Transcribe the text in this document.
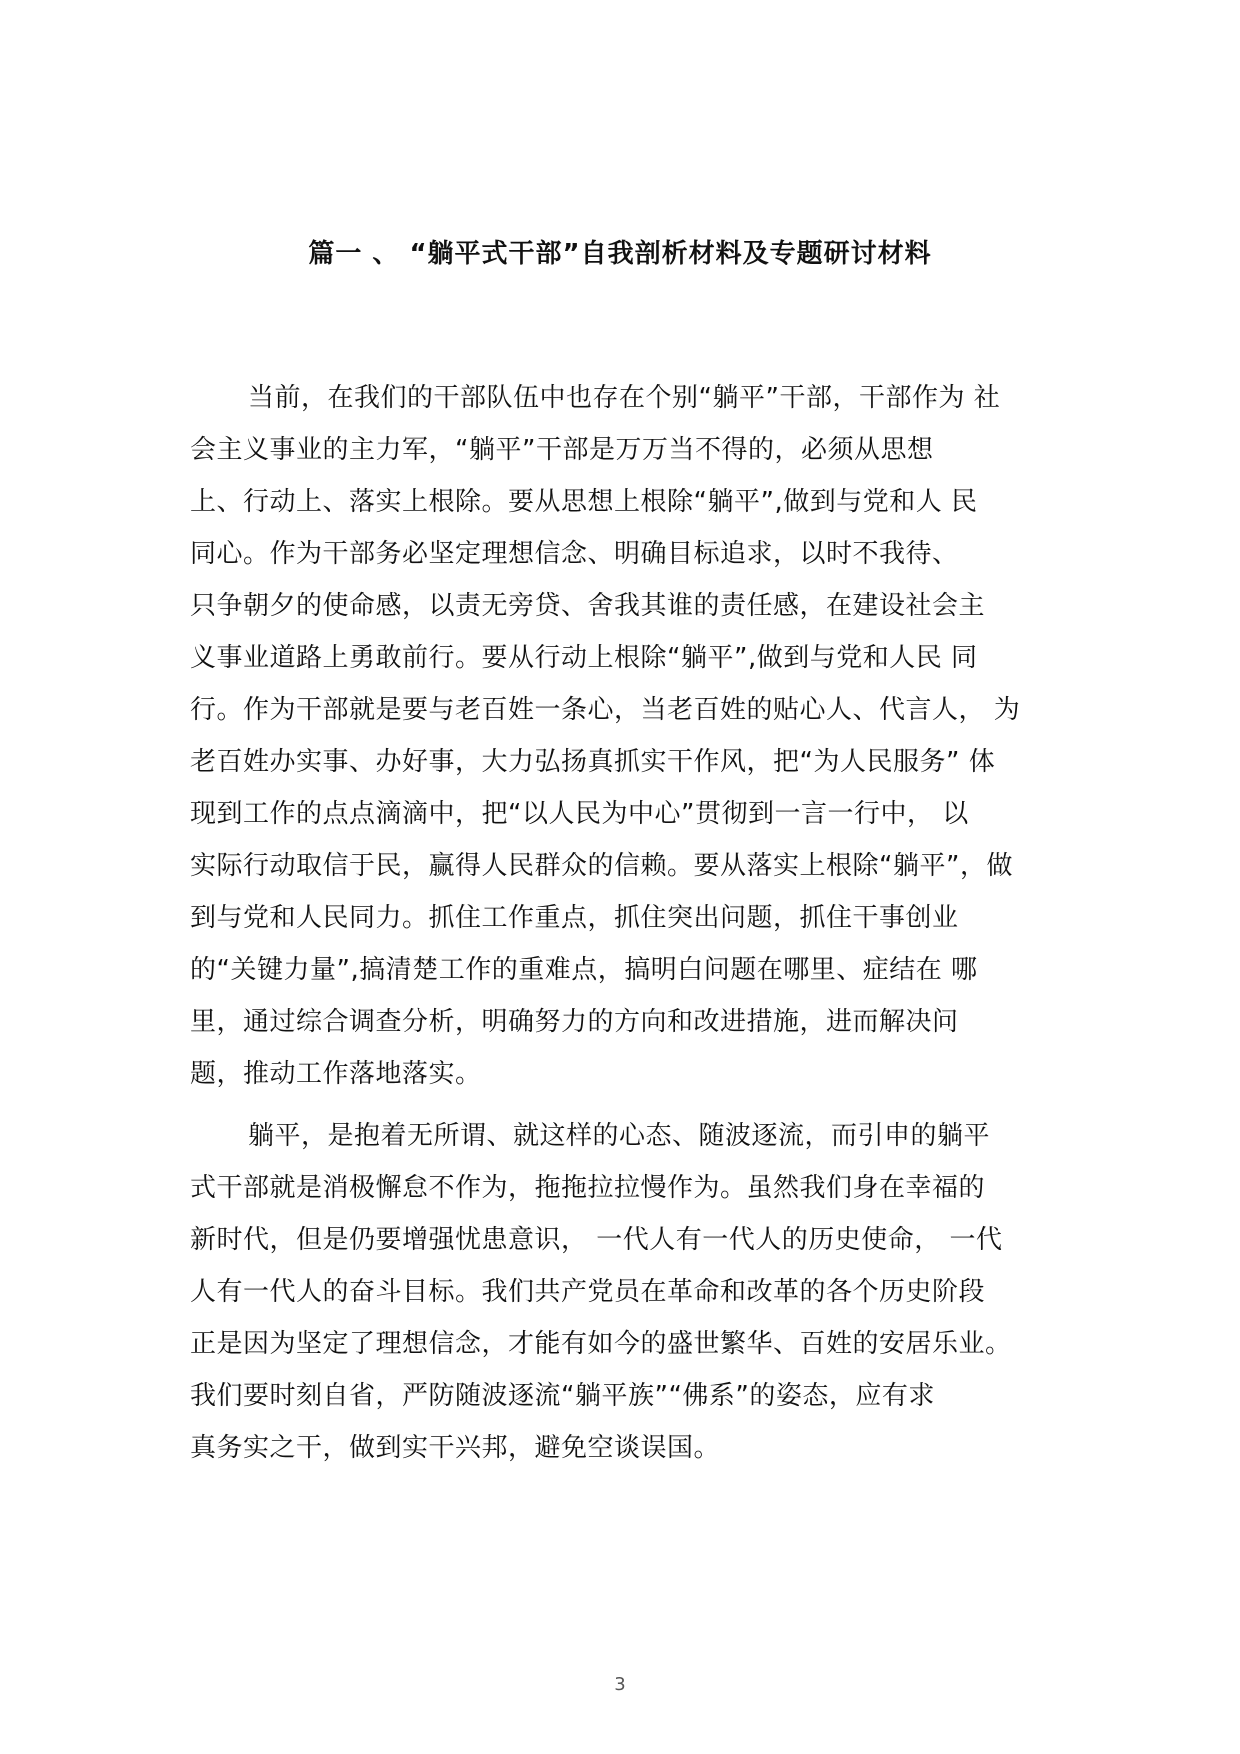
篇一 、 “躺平式干部”自我剖析材料及专题研讨材料
当前，在我们的干部队伍中也存在个别“躺平”干部，干部作为 社
会主义事业的主力军，“躺平”干部是万万当不得的，必须从思想
上、行动上、落实上根除。要从思想上根除“躺平”,做到与党和人 民
同心。作为干部务必坚定理想信念、明确目标追求，以时不我待、
只争朝夕的使命感，以责无旁贷、舍我其谁的责任感，在建设社会主
义事业道路上勇敢前行。要从行动上根除“躺平”,做到与党和人民 同
行。作为干部就是要与老百姓一条心，当老百姓的贴心人、代言人， 为
老百姓办实事、办好事，大力弘扬真抓实干作风，把“为人民服务” 体
现到工作的点点滴滴中，把“以人民为中心”贯彻到一言一行中， 以
实际行动取信于民，赢得人民群众的信赖。要从落实上根除“躺平”，做
到与党和人民同力。抓住工作重点，抓住突出问题，抓住干事创业
的“关键力量”,搞清楚工作的重难点，搞明白问题在哪里、症结在 哪
里，通过综合调查分析，明确努力的方向和改进措施，进而解决问
题，推动工作落地落实。
躺平，是抱着无所谓、就这样的心态、随波逐流，而引申的躺平
式干部就是消极懈怠不作为，拖拖拉拉慢作为。虽然我们身在幸福的
新时代，但是仍要增强忧患意识， 一代人有一代人的历史使命， 一代
人有一代人的奋斗目标。我们共产党员在革命和改革的各个历史阶段
正是因为坚定了理想信念，才能有如今的盛世繁华、百姓的安居乐业。
我们要时刻自省，严防随波逐流“躺平族”“佛系”的姿态，应有求
真务实之干，做到实干兴邦，避免空谈误国。
3
